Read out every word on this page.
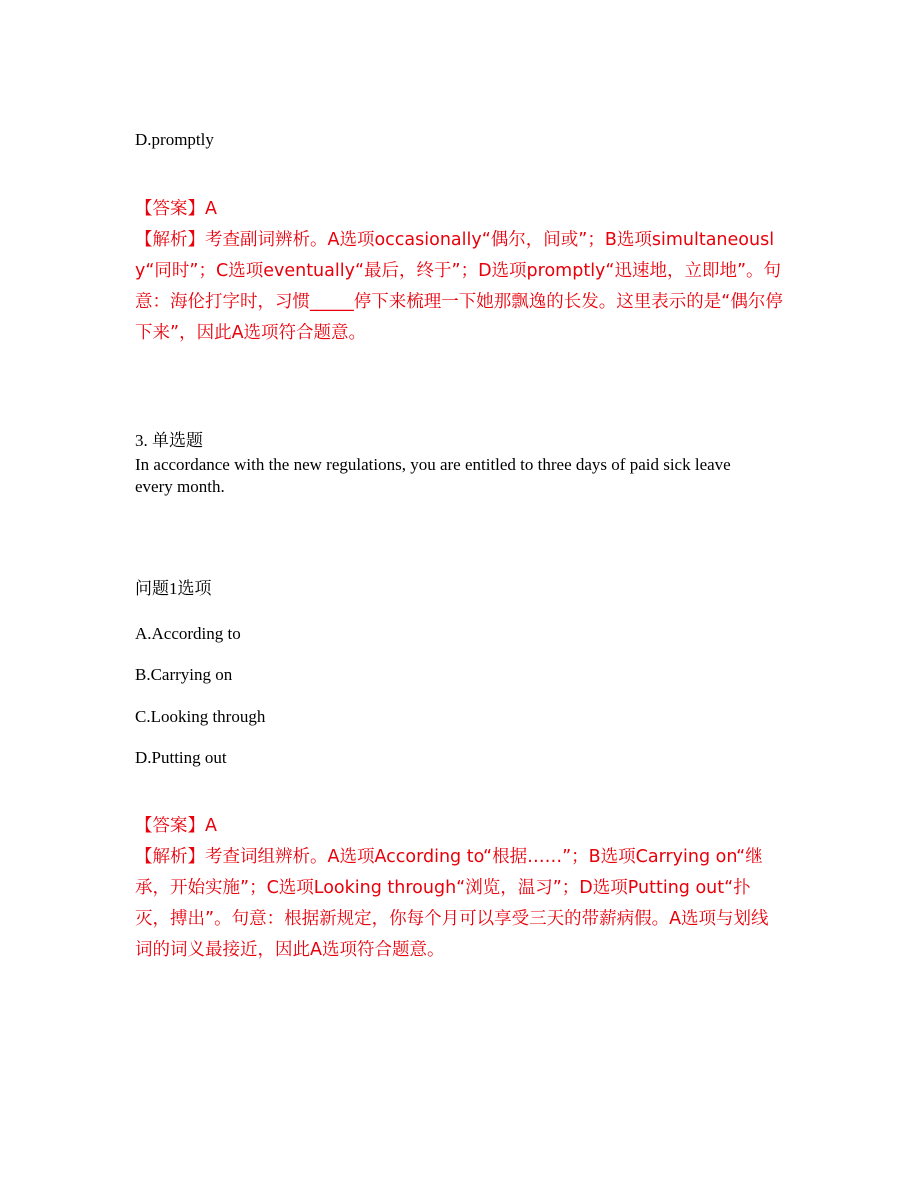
D.promptly
【答案】A
【解析】考查副词辨析。A选项occasionally“偶尔，间或”；B选项simultaneously“同时”；C选项eventually“最后，终于”；D选项promptly“迅速地，立即地”。句意：海伦打字时，习惯_____停下来梳理一下她那飘逸的长发。这里表示的是“偶尔停下来”，因此A选项符合题意。
3. 单选题
In accordance with the new regulations, you are entitled to three days of paid sick leave
every month.
问题1选项
A.According to
B.Carrying on
C.Looking through
D.Putting out
【答案】A
【解析】考查词组辨析。A选项According to“根据……”；B选项Carrying on“继承，开始实施”；C选项Looking through“浏览，温习”；D选项Putting out“扑灭，搏出”。句意：根据新规定，你每个月可以享受三天的带薪病假。A选项与划线词的词义最接近，因此A选项符合题意。
